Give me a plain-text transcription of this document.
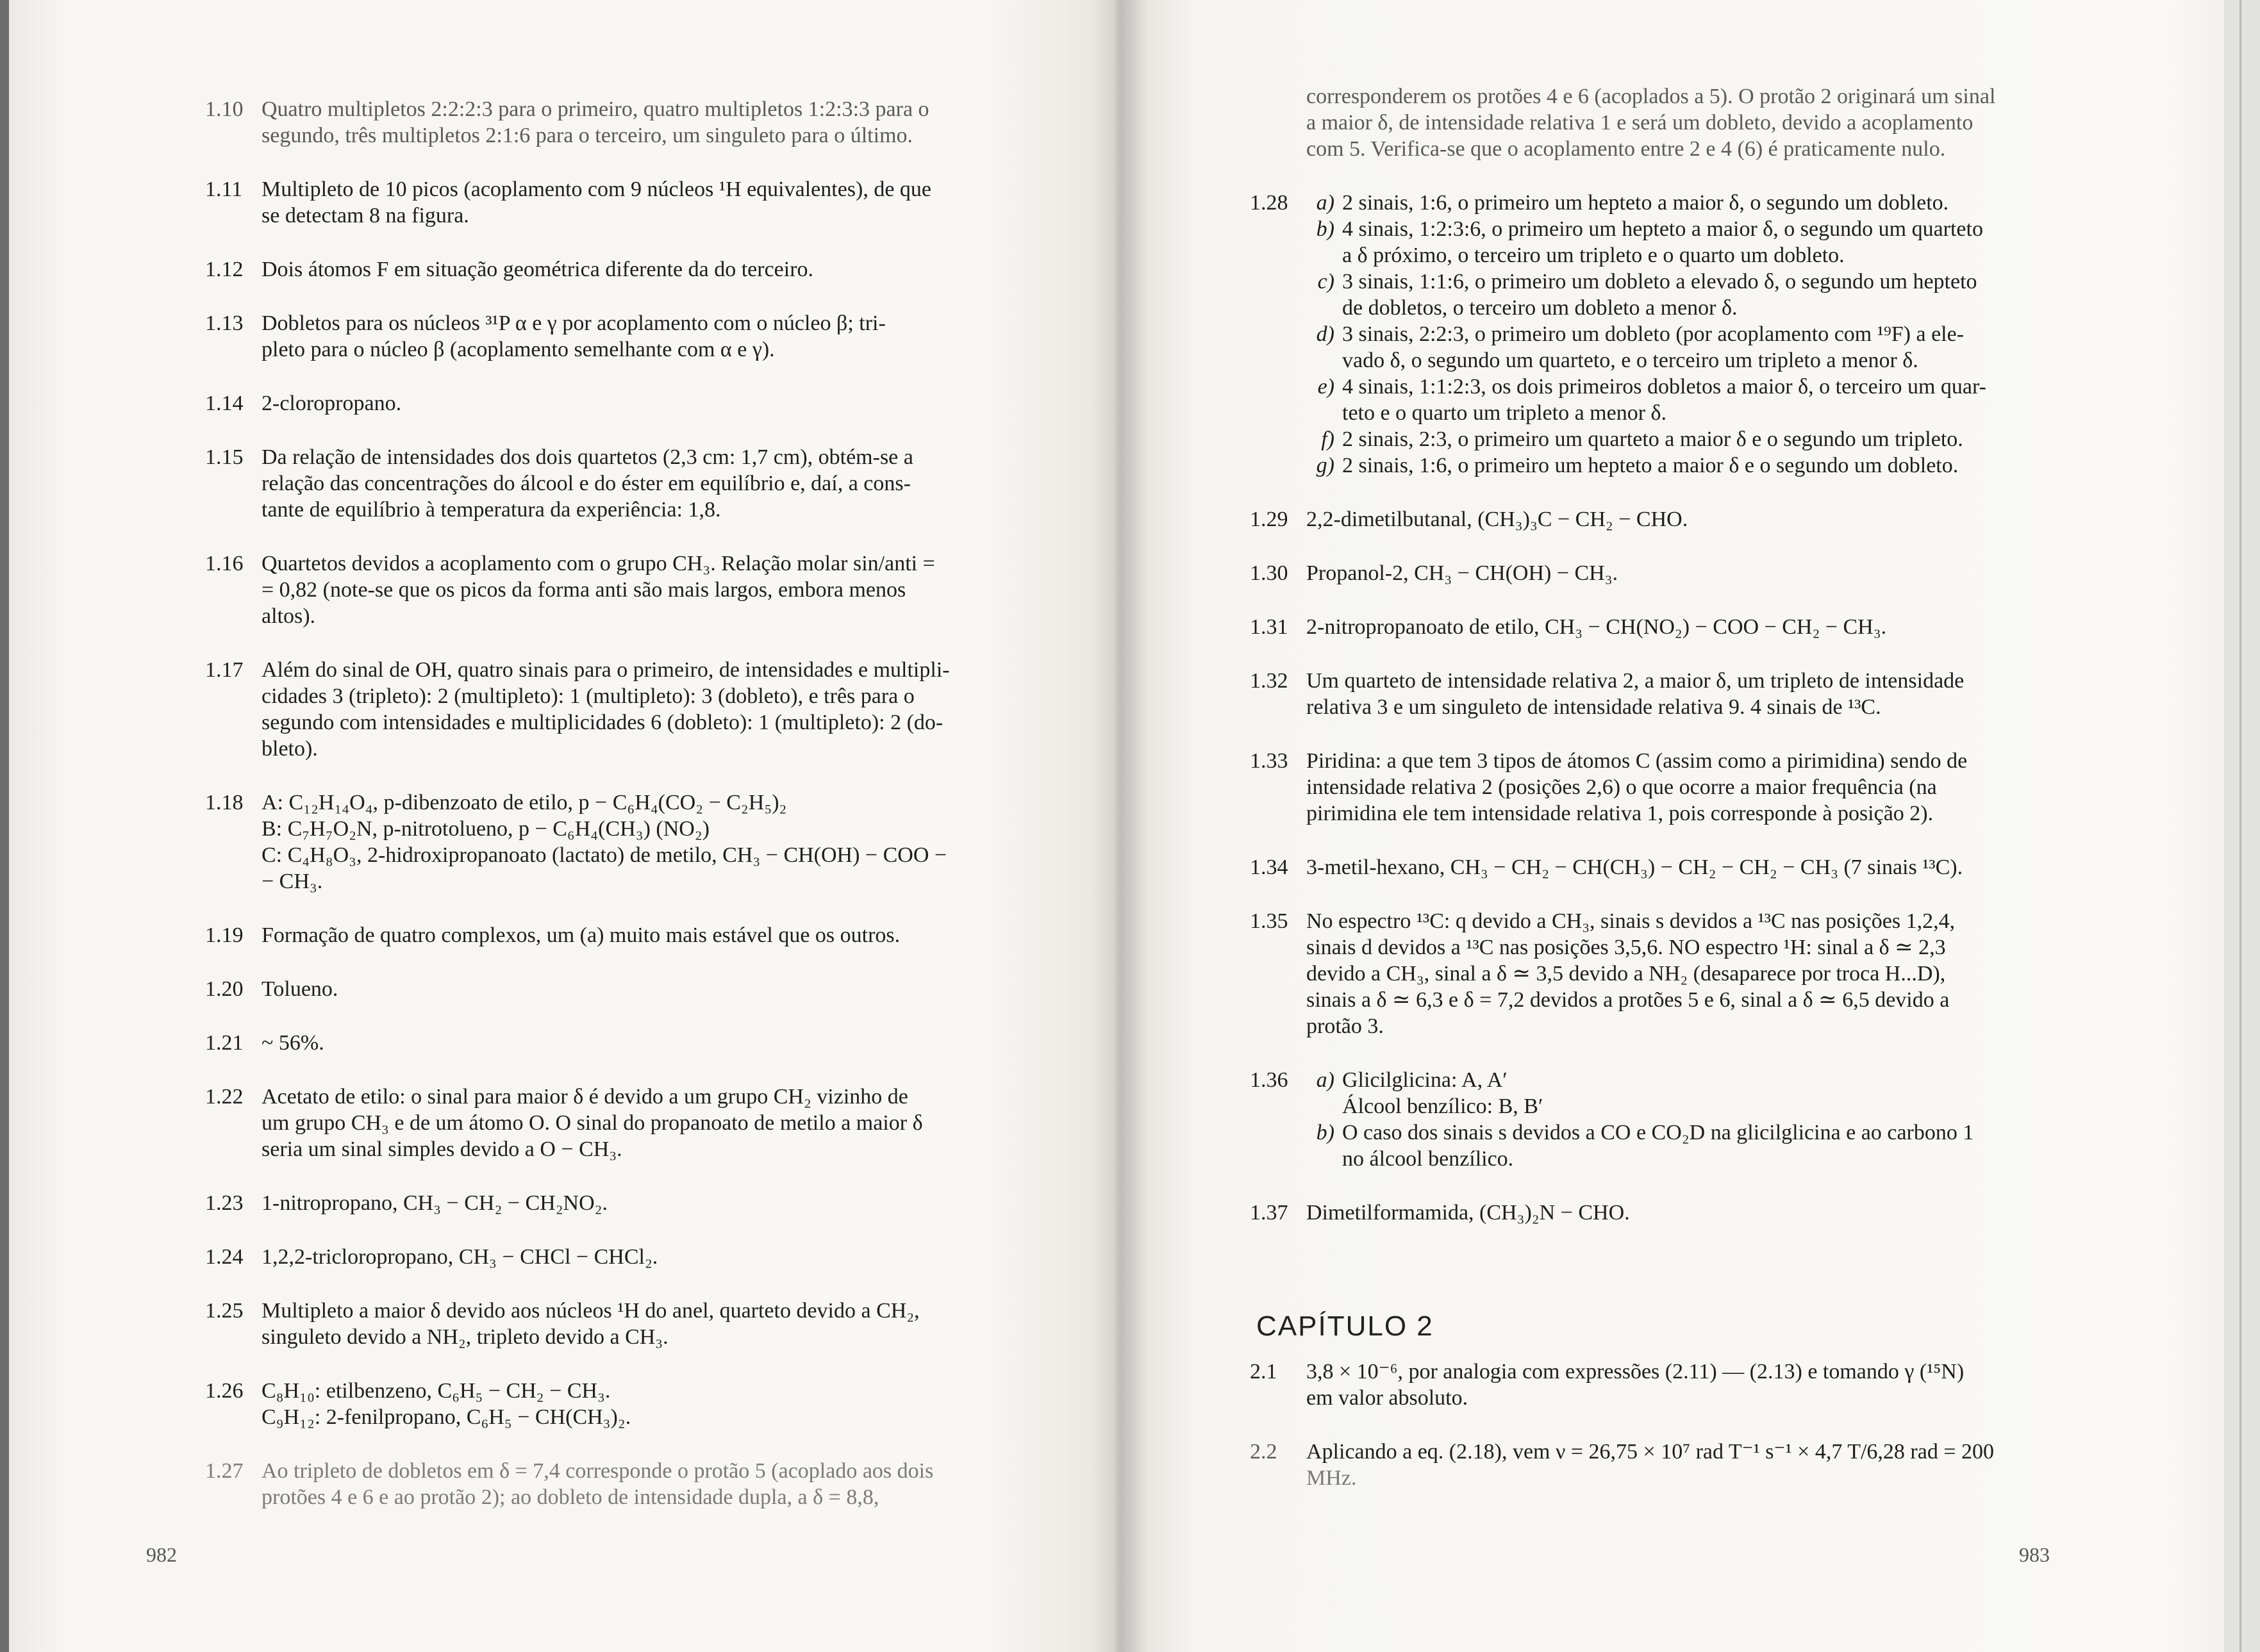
1.10 Quatro multipletos 2:2:2:3 para o primeiro, quatro multipletos 1:2:3:3 para o
segundo, três multipletos 2:1:6 para o terceiro, um singuleto para o último.
1.11 Multipleto de 10 picos (acoplamento com 9 núcleos ¹H equivalentes), de que
se detectam 8 na figura.
1.12 Dois átomos F em situação geométrica diferente da do terceiro.
1.13 Dobletos para os núcleos ³¹P α e γ por acoplamento com o núcleo β; tri-
pleto para o núcleo β (acoplamento semelhante com α e γ).
1.14 2-cloropropano.
1.15 Da relação de intensidades dos dois quartetos (2,3 cm: 1,7 cm), obtém-se a
relação das concentrações do álcool e do éster em equilíbrio e, daí, a cons-
tante de equilíbrio à temperatura da experiência: 1,8.
1.16 Quartetos devidos a acoplamento com o grupo CH₃. Relação molar sin/anti =
= 0,82 (note-se que os picos da forma anti são mais largos, embora menos
altos).
1.17 Além do sinal de OH, quatro sinais para o primeiro, de intensidades e multipli-
cidades 3 (tripleto): 2 (multipleto): 1 (multipleto): 3 (dobleto), e três para o
segundo com intensidades e multiplicidades 6 (dobleto): 1 (multipleto): 2 (do-
bleto).
1.18 A: C₁₂H₁₄O₄, p-dibenzoato de etilo, p − C₆H₄(CO₂ − C₂H₅)₂
B: C₇H₇O₂N, p-nitrotolueno, p − C₆H₄(CH₃) (NO₂)
C: C₄H₈O₃, 2-hidroxipropanoato (lactato) de metilo, CH₃ − CH(OH) − COO −
− CH₃.
1.19 Formação de quatro complexos, um (a) muito mais estável que os outros.
1.20 Tolueno.
1.21 ~ 56%.
1.22 Acetato de etilo: o sinal para maior δ é devido a um grupo CH₂ vizinho de
um grupo CH₃ e de um átomo O. O sinal do propanoato de metilo a maior δ
seria um sinal simples devido a O − CH₃.
1.23 1-nitropropano, CH₃ − CH₂ − CH₂NO₂.
1.24 1,2,2-tricloropropano, CH₃ − CHCl − CHCl₂.
1.25 Multipleto a maior δ devido aos núcleos ¹H do anel, quarteto devido a CH₂,
singuleto devido a NH₂, tripleto devido a CH₃.
1.26 C₈H₁₀: etilbenzeno, C₆H₅ − CH₂ − CH₃.
C₉H₁₂: 2-fenilpropano, C₆H₅ − CH(CH₃)₂.
1.27 Ao tripleto de dobletos em δ = 7,4 corresponde o protão 5 (acoplado aos dois
protões 4 e 6 e ao protão 2); ao dobleto de intensidade dupla, a δ = 8,8,
982
corresponderem os protões 4 e 6 (acoplados a 5). O protão 2 originará um sinal
a maior δ, de intensidade relativa 1 e será um dobleto, devido a acoplamento
com 5. Verifica-se que o acoplamento entre 2 e 4 (6) é praticamente nulo.
1.28	a) 2 sinais, 1:6, o primeiro um hepteto a maior δ, o segundo um dobleto.
b) 4 sinais, 1:2:3:6, o primeiro um hepteto a maior δ, o segundo um quarteto
a δ próximo, o terceiro um tripleto e o quarto um dobleto.
c) 3 sinais, 1:1:6, o primeiro um dobleto a elevado δ, o segundo um hepteto
de dobletos, o terceiro um dobleto a menor δ.
d) 3 sinais, 2:2:3, o primeiro um dobleto (por acoplamento com ¹⁹F) a ele-
vado δ, o segundo um quarteto, e o terceiro um tripleto a menor δ.
e) 4 sinais, 1:1:2:3, os dois primeiros dobletos a maior δ, o terceiro um quar-
teto e o quarto um tripleto a menor δ.
f) 2 sinais, 2:3, o primeiro um quarteto a maior δ e o segundo um tripleto.
g) 2 sinais, 1:6, o primeiro um hepteto a maior δ e o segundo um dobleto.
1.29 2,2-dimetilbutanal, (CH₃)₃C − CH₂ − CHO.
1.30 Propanol-2, CH₃ − CH(OH) − CH₃.
1.31 2-nitropropanoato de etilo, CH₃ − CH(NO₂) − COO − CH₂ − CH₃.
1.32 Um quarteto de intensidade relativa 2, a maior δ, um tripleto de intensidade
relativa 3 e um singuleto de intensidade relativa 9. 4 sinais de ¹³C.
1.33 Piridina: a que tem 3 tipos de átomos C (assim como a pirimidina) sendo de
intensidade relativa 2 (posições 2,6) o que ocorre a maior frequência (na
pirimidina ele tem intensidade relativa 1, pois corresponde à posição 2).
1.34 3-metil-hexano, CH₃ − CH₂ − CH(CH₃) − CH₂ − CH₂ − CH₃ (7 sinais ¹³C).
1.35 No espectro ¹³C: q devido a CH₃, sinais s devidos a ¹³C nas posições 1,2,4,
sinais d devidos a ¹³C nas posições 3,5,6. NO espectro ¹H: sinal a δ ≃ 2,3
devido a CH₃, sinal a δ ≃ 3,5 devido a NH₂ (desaparece por troca H...D),
sinais a δ ≃ 6,3 e δ = 7,2 devidos a protões 5 e 6, sinal a δ ≃ 6,5 devido a
protão 3.
1.36	a) Glicilglicina: A, A′
Álcool benzílico: B, B′
b) O caso dos sinais s devidos a CO e CO₂D na glicilglicina e ao carbono 1
no álcool benzílico.
1.37 Dimetilformamida, (CH₃)₂N − CHO.
CAPÍTULO 2
2.1	3,8 × 10⁻⁶, por analogia com expressões (2.11) — (2.13) e tomando γ (¹⁵N)
em valor absoluto.
2.2	Aplicando a eq. (2.18), vem ν = 26,75 × 10⁷ rad T⁻¹ s⁻¹ × 4,7 T/6,28 rad = 200
MHz.
983
